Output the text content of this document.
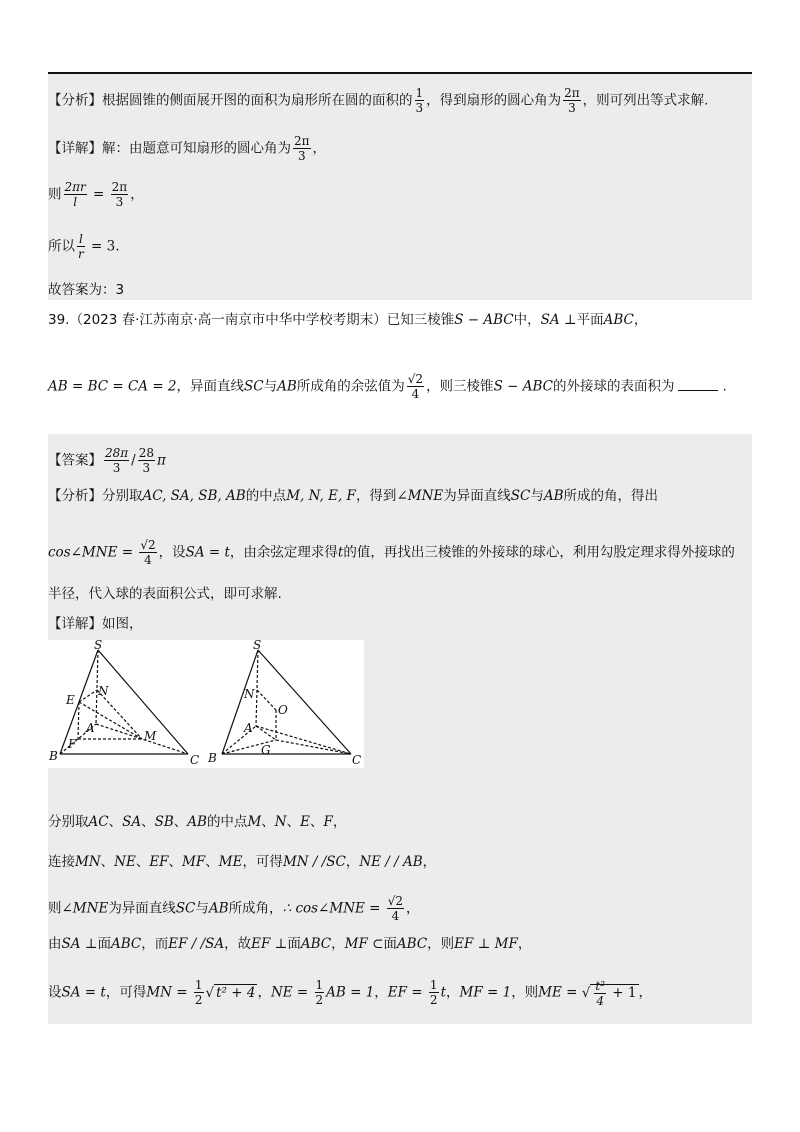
【分析】根据圆锥的侧面展开图的面积为扇形所在圆的面积的 $\frac{1}{3}$ ，得到扇形的圆心角为 $\frac{2\pi}{3}$ ，则可列出等式求解.
【详解】解：由题意可知扇形的圆心角为 $\frac{2\pi}{3}$ ，
则 $\frac{2\pi r}{l} = \frac{2\pi}{3}$ ，
所以 $\frac{l}{r} = 3$.
故答案为：3
39.（2023 春·江苏南京·高一南京市中华中学校考期末）已知三棱锥S − ABC中，SA ⊥平面ABC，
AB = BC = CA = 2，异面直线SC与AB所成角的余弦值为 $\frac{√2}{4}$ ，则三棱锥S − ABC的外接球的表面积为	.
【答案】 $\frac{28\pi}{3} / \frac{28}{3}$ π
【分析】分别取AC, SA, SB, AB的中点M, N, E, F，得到∠MNE为异面直线SC与AB所成的角，得出
cos∠MNE = $\frac{√2}{4}$ ，设SA = t，由余弦定理求得t的值，再找出三棱锥的外接球的球心，利用勾股定理求得外接球的
半径，代入球的表面积公式，即可求解.
【详解】如图，
S
N
E
A
M
F
B	C
S
N
O
A
G
B	C
分别取AC、SA、SB、AB的中点M、N、E、F，
连接MN、NE、EF、MF、ME，可得MN / /SC，NE / / AB，
则∠MNE为异面直线SC与AB所成角，∴ cos∠MNE = $\frac{√2}{4}$ ，
由SA ⊥面ABC，而EF / /SA，故EF ⊥面ABC，MF ⊂面ABC，则EF ⊥ MF，
设SA = t，可得MN = $\frac{1}{2}$ √ t² + 4 ，NE = $\frac{1}{2}$ AB = 1，EF = $\frac{1}{2}$ t，MF = 1，则ME = √ $\frac{\text{t²}}{4} + 1$ ，
